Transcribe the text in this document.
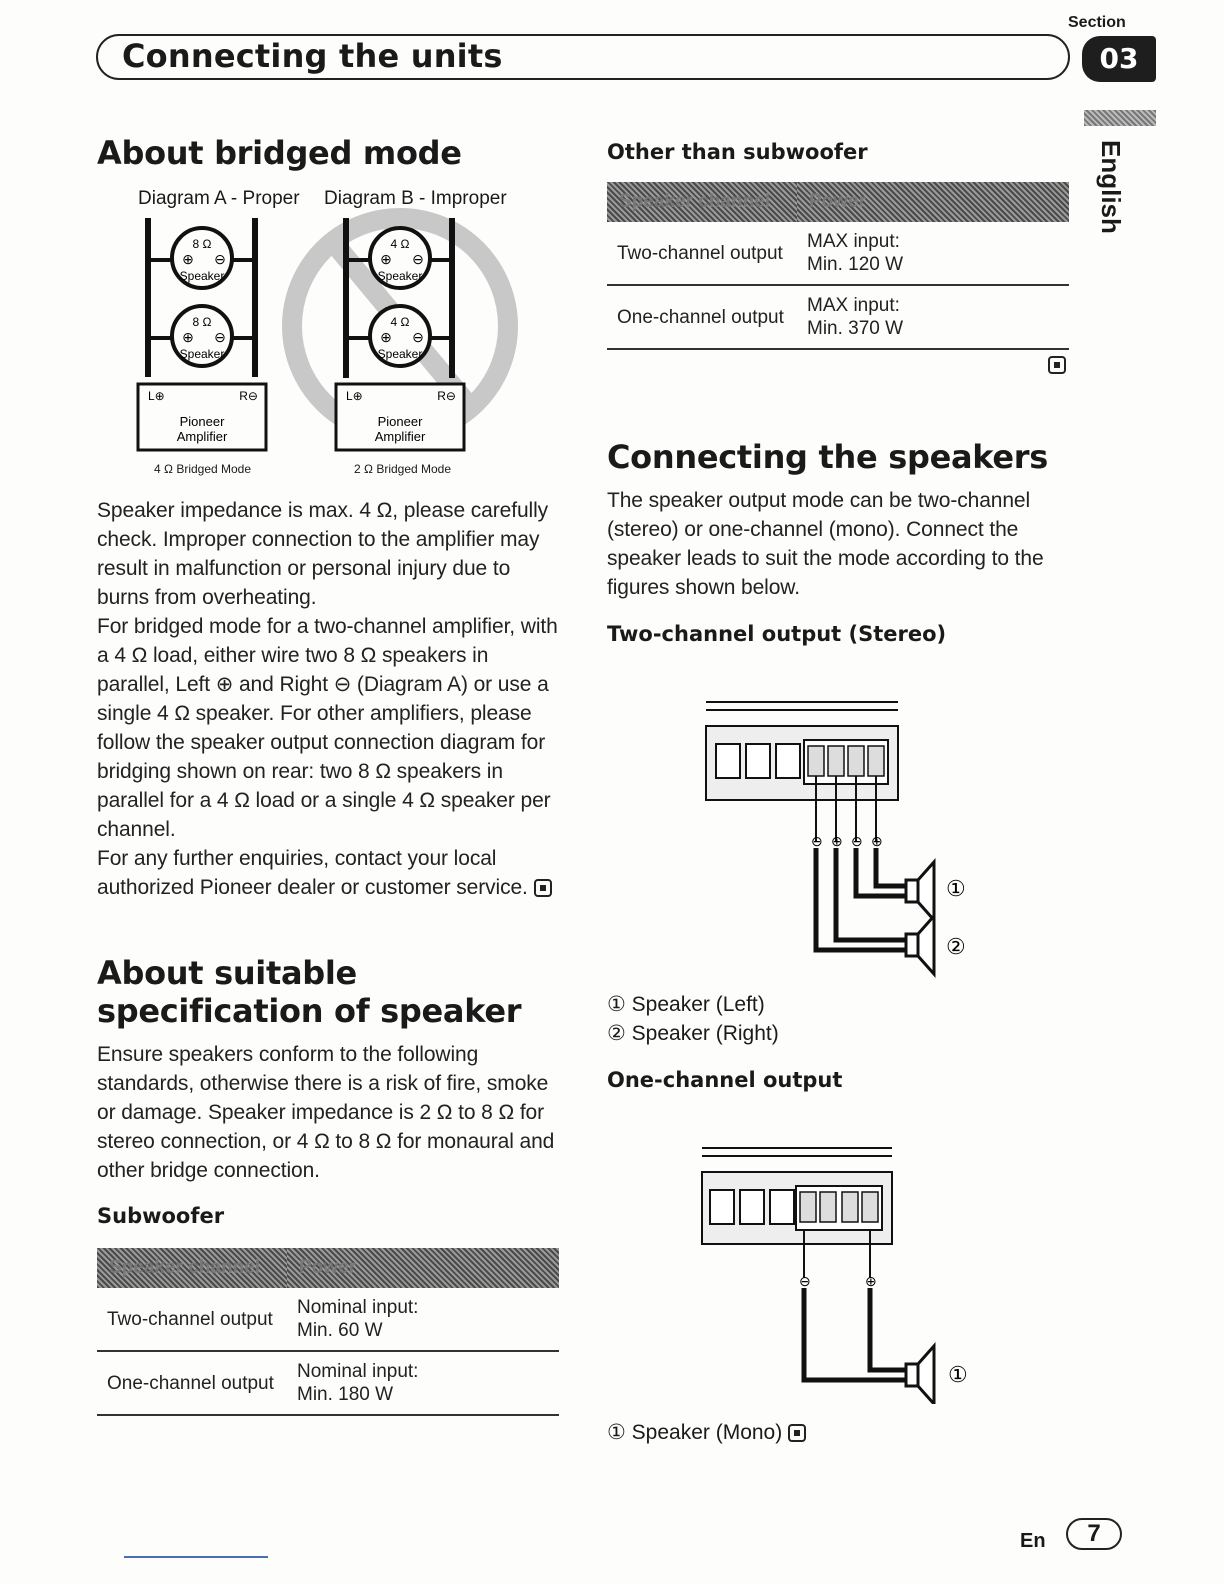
Section
03
Connecting the units
English
About bridged mode
Diagram A - Proper Diagram B - Improper
8 Ω
⊕ ⊖
Speaker
8 Ω
⊕ ⊖
Speaker
L⊕	R⊖
Pioneer
Amplifier
4 Ω
⊕ ⊖
Speaker
4 Ω
⊕ ⊖
Speaker
L⊕	R⊖
Pioneer
Amplifier
4 Ω Bridged Mode	2 Ω Bridged Mode

Speaker impedance is max. 4 Ω, please carefully check. Improper connection to the amplifier may result in malfunction or personal injury due to burns from overheating.

For bridged mode for a two-channel amplifier, with a 4 Ω load, either wire two 8 Ω speakers in parallel, Left ⊕ and Right ⊖ (Diagram A) or use a single 4 Ω speaker. For other amplifiers, please follow the speaker output connection diagram for bridging shown on rear: two 8 Ω speakers in parallel for a 4 Ω load or a single 4 Ω speaker per channel.

For any further enquiries, contact your local authorized Pioneer dealer or customer service.

About suitable
specification of speaker
Ensure speakers conform to the following standards, otherwise there is a risk of fire, smoke or damage. Speaker impedance is 2 Ω to 8 Ω for stereo connection, or 4 Ω to 8 Ω for monaural and other bridge connection.
Subwoofer
Speaker channel	Power
Two-channel output	Nominal input:
Min. 60 W

One-channel output	Nominal input:
Min. 180 W
Other than subwoofer
Speaker channel	Power
Two-channel output	MAX input:
Min. 120 W

One-channel output	MAX input:
Min. 370 W
Connecting the speakers
The speaker output mode can be two-channel (stereo) or one-channel (mono). Connect the speaker leads to suit the mode according to the figures shown below.
Two-channel output (Stereo)
⊖ ⊕ ⊖ ⊕
①
②
① Speaker (Left)
② Speaker (Right)
One-channel output
⊖	⊕
①
① Speaker (Mono)
En	7
